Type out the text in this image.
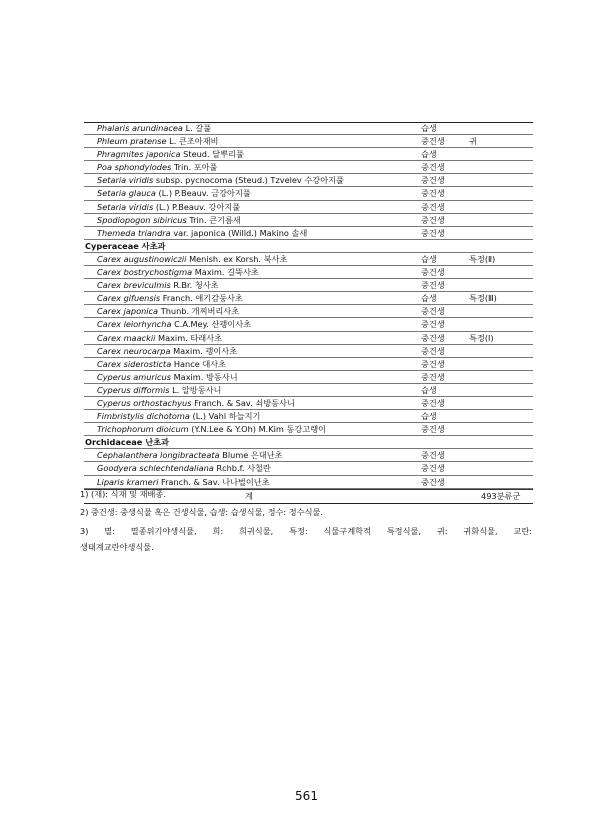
Phalaris arundinacea L. 갈풀	습생
Phleum pratense L. 큰조아재비	중건생	귀
Phragmites japonica Steud. 달뿌리풀	습생
Poa sphondylodes Trin. 포아풀	중건생
Setaria viridis subsp. pycnocoma (Steud.) Tzvelev 수강아지풀	중건생
Setaria glauca (L.) P.Beauv. 금강아지풀	중건생
Setaria viridis (L.) P.Beauv. 강아지풀	중건생
Spodiopogon sibiricus Trin. 큰기름새	중건생
Themeda triandra var. japonica (Willd.) Makino 솔새	중건생
Cyperaceae 사초과
Carex augustinowiczii Menish. ex Korsh. 북사초	습생	특정(Ⅱ)
Carex bostrychostigma Maxim. 길뚝사초	중건생
Carex breviculmis R.Br. 청사초	중건생
Carex gifuensis Franch. 애기감둥사초	습생	특정(Ⅲ)
Carex japonica Thunb. 개찌버리사초	중건생
Carex leiorhyncha C.A.Mey. 산괭이사초	중건생
Carex maackii Maxim. 타래사초	중건생	특정(Ⅰ)
Carex neurocarpa Maxim. 괭이사초	중건생
Carex siderosticta Hance 대사초	중건생
Cyperus amuricus Maxim. 방동사니	중건생
Cyperus difformis L. 알방동사니	습생
Cyperus orthostachyus Franch. & Sav. 쇠방동사니	중건생
Fimbristylis dichotoma (L.) Vahl 하늘지기	습생
Trichophorum dioicum (Y.N.Lee & Y.Oh) M.Kim 동강고랭이	중건생
Orchidaceae 난초과
Cephalanthera longibracteata Blume 은대난초	중건생
Goodyera schlechtendaliana Rchb.f. 사철란	중건생
Liparis krameri Franch. & Sav. 나나벌이난초	중건생
계	493분류군
1) (재): 식재 및 재배종.
2) 중건생: 중생식물 혹은 건생식물, 습생: 습생식물, 정수: 정수식물.
3) 멸: 멸종위기야생식물, 희: 희귀식물, 특정: 식물구계학적 특정식물, 귀: 귀화식물, 교란:
생태계교란야생식물.
561
